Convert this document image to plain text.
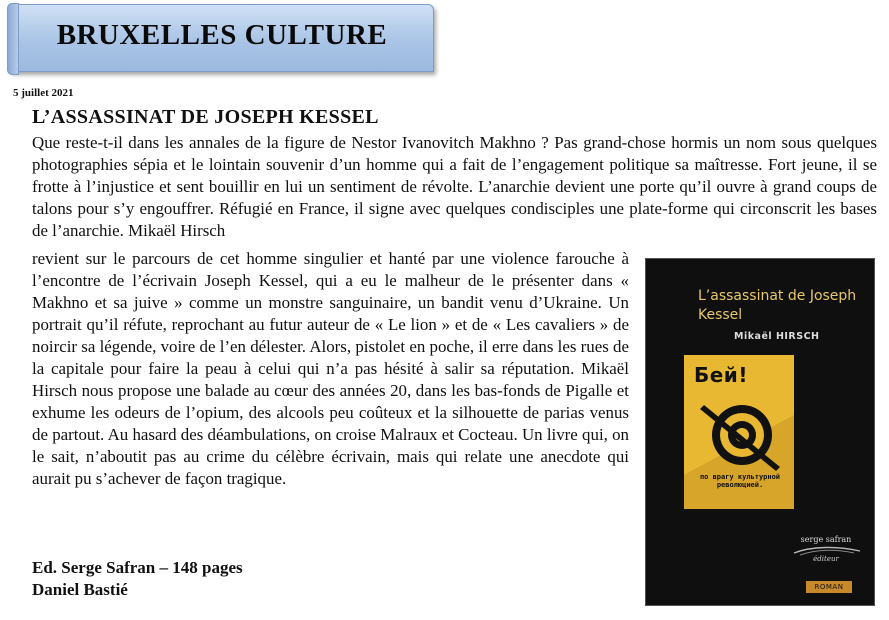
BRUXELLES CULTURE
5 juillet 2021
L’ASSASSINAT DE JOSEPH KESSEL
Que reste-t-il dans les annales de la figure de Nestor Ivanovitch Makhno ? Pas grand-chose hormis un nom sous quelques photographies sépia et le lointain souvenir d’un homme qui a fait de l’engagement politique sa maîtresse. Fort jeune, il se frotte à l’injustice et sent bouillir en lui un sentiment de révolte. L’anarchie devient une porte qu’il ouvre à grand coups de talons pour s’y engouffrer. Réfugié en France, il signe avec quelques condisciples une plate-forme qui circonscrit les bases de l’anarchie. Mikaël Hirsch
revient sur le parcours de cet homme singulier et hanté par une violence farouche à l’encontre de l’écrivain Joseph Kessel, qui a eu le malheur de le présenter dans « Makhno et sa juive » comme un monstre sanguinaire, un bandit venu d’Ukraine. Un portrait qu’il réfute, reprochant au futur auteur de « Le lion » et de « Les cavaliers » de noircir sa légende, voire de l’en délester. Alors, pistolet en poche, il erre dans les rues de la capitale pour faire la peau à celui qui n’a pas hésité à salir sa réputation. Mikaël Hirsch nous propose une balade au cœur des années 20, dans les bas-fonds de Pigalle et exhume les odeurs de l’opium, des alcools peu coûteux et la silhouette de parias venus de partout. Au hasard des déambulations, on croise Malraux et Cocteau. Un livre qui, on le sait, n’aboutit pas au crime du célèbre écrivain, mais qui relate une anecdote qui aurait pu s’achever de façon tragique.
Ed. Serge Safran – 148 pages
Daniel Bastié
L’assassinat de Joseph Kessel
Mikaël HIRSCH
Бей!
по врагу культурной революцией.
serge safran
éditeur
ROMAN
